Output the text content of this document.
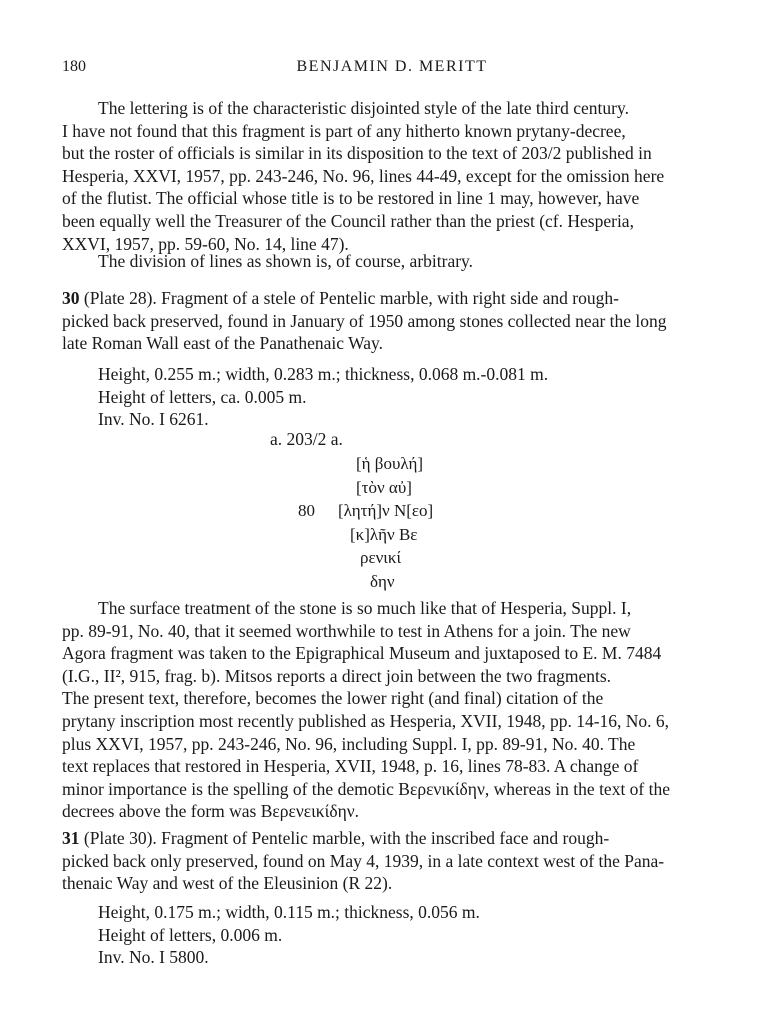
180	BENJAMIN D. MERITT
The lettering is of the characteristic disjointed style of the late third century.
I have not found that this fragment is part of any hitherto known prytany-decree,
but the roster of officials is similar in its disposition to the text of 203/2 published in
Hesperia, XXVI, 1957, pp. 243-246, No. 96, lines 44-49, except for the omission here
of the flutist. The official whose title is to be restored in line 1 may, however, have
been equally well the Treasurer of the Council rather than the priest (cf. Hesperia,
XXVI, 1957, pp. 59-60, No. 14, line 47).
The division of lines as shown is, of course, arbitrary.
30 (Plate 28). Fragment of a stele of Pentelic marble, with right side and rough-
picked back preserved, found in January of 1950 among stones collected near the long
late Roman Wall east of the Panathenaic Way.
Height, 0.255 m.; width, 0.283 m.; thickness, 0.068 m.-0.081 m.
Height of letters, ca. 0.005 m.
Inv. No. I 6261.
a. 203/2 a.
[ἡ βουλή]
[τὸν αὐ]
80 [λητή]ν N[εο]
[κ]λῆν Βε
ρενικί
δην
The surface treatment of the stone is so much like that of Hesperia, Suppl. I,
pp. 89-91, No. 40, that it seemed worthwhile to test in Athens for a join. The new
Agora fragment was taken to the Epigraphical Museum and juxtaposed to E. M. 7484
(I.G., II², 915, frag. b). Mitsos reports a direct join between the two fragments.
The present text, therefore, becomes the lower right (and final) citation of the
prytany inscription most recently published as Hesperia, XVII, 1948, pp. 14-16, No. 6,
plus XXVI, 1957, pp. 243-246, No. 96, including Suppl. I, pp. 89-91, No. 40. The
text replaces that restored in Hesperia, XVII, 1948, p. 16, lines 78-83. A change of
minor importance is the spelling of the demotic Βερενικίδην, whereas in the text of the
decrees above the form was Βερενεικίδην.
31 (Plate 30). Fragment of Pentelic marble, with the inscribed face and rough-
picked back only preserved, found on May 4, 1939, in a late context west of the Pana-
thenaic Way and west of the Eleusinion (R 22).
Height, 0.175 m.; width, 0.115 m.; thickness, 0.056 m.
Height of letters, 0.006 m.
Inv. No. I 5800.
